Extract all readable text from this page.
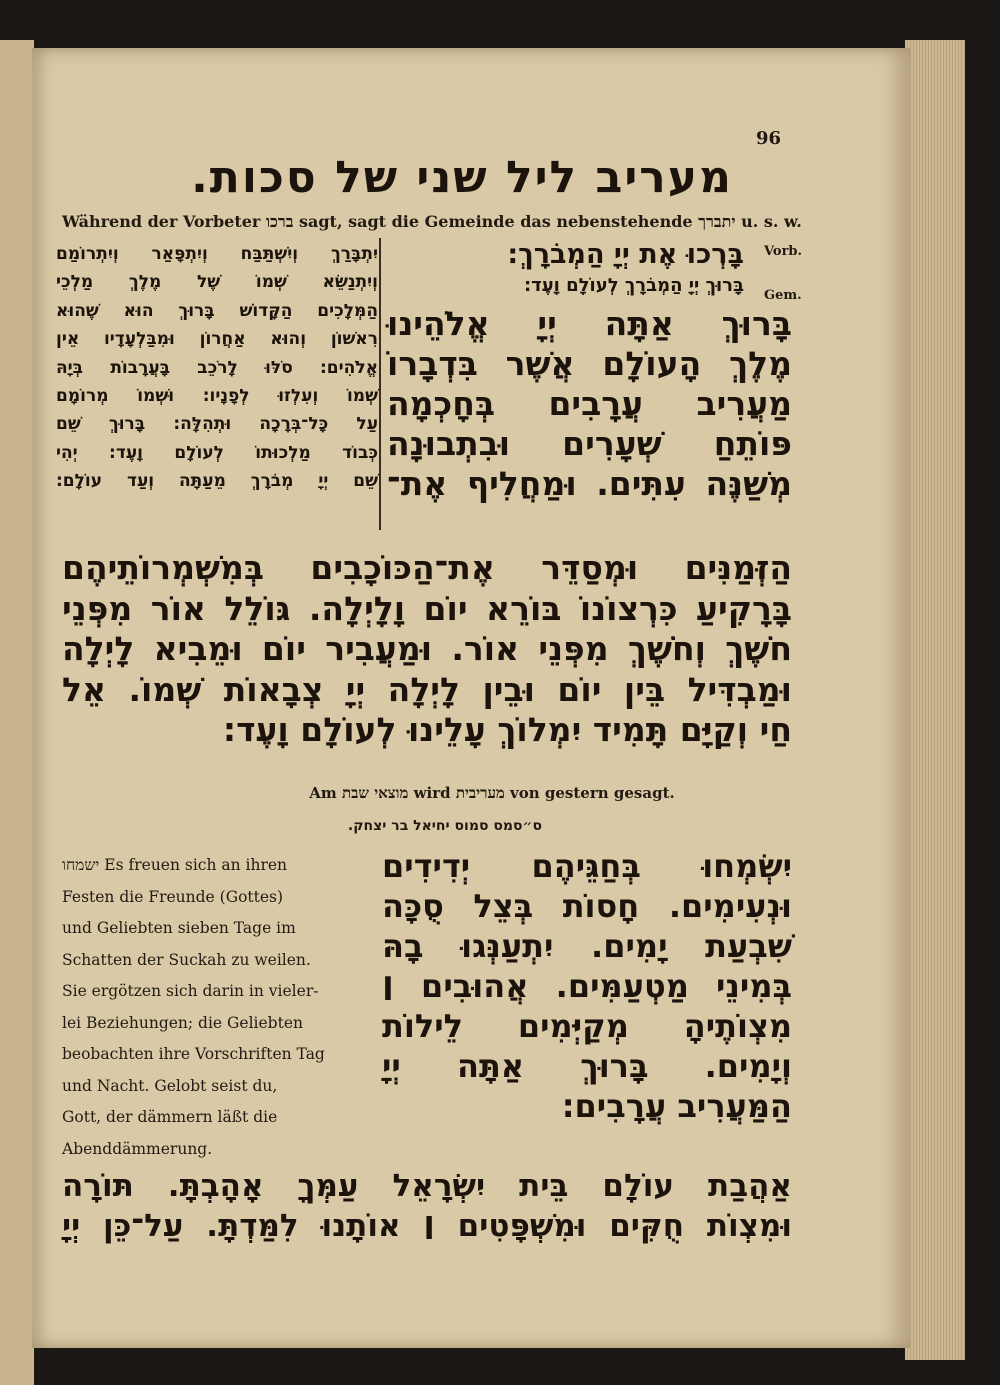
96
מעריב ליל שני של סכות.
Während der Vorbeter ברכו sagt, sagt die Gemeinde das nebenstehende יתברך u. s. w.
Vorb.
Gem.
בָּרְכוּ אֶת יְיָ הַמְבֹרָךְ:
בָּרוּךְ יְיָ הַמְבֹרָךְ לְעוֹלָם וָעֶד:
בָּרוּךְ אַתָּה יְיָ אֱלֹהֵינוּ
מֶלֶךְ הָעוֹלָם אֲשֶׁר בִּדְבָרוֹ
מַעֲרִיב עֲרָבִים בְּחָכְמָה
פּוֹתֵחַ שְׁעָרִים וּבִתְבוּנָה
מְשַׁנֶּה עִתִּים. וּמַחֲלִיף אֶת־
יִתְבָּרַךְ וְיִשְׁתַּבַּח וְיִתְפָּאַר וְיִתְרוֹמַם
וְיִתְנַשֵּׂא שְׁמוֹ שֶׁל מֶלֶךְ מַלְכֵי
הַמְּלָכִים הַקָּדוֹשׁ בָּרוּךְ הוּא שֶׁהוּא
רִאשׁוֹן וְהוּא אַחֲרוֹן וּמִבַּלְעָדָיו אֵין
אֱלֹהִים: סֹלּוּ לָרֹכֵב בָּעֲרָבוֹת בְּיָהּ
שְׁמוֹ וְעִלְזוּ לְפָנָיו: וּשְׁמוֹ מְרוֹמָם
עַל כָּל־בְּרָכָה וּתְהִלָּה: בָּרוּךְ שֵׁם
כְּבוֹד מַלְכוּתוֹ לְעוֹלָם וָעֶד: יְהִי
שֵׁם יְיָ מְבֹרָךְ מֵעַתָּה וְעַד עוֹלָם:
הַזְּמַנִּים וּמְסַדֵּר אֶת־הַכּוֹכָבִים בְּמִשְׁמְרוֹתֵיהֶם
בָּרָקִיעַ כִּרְצוֹנוֹ בּוֹרֵא יוֹם וָלָיְלָה. גּוֹלֵל אוֹר מִפְּנֵי
חֹשֶׁךְ וְחֹשֶׁךְ מִפְּנֵי אוֹר. וּמַעֲבִיר יוֹם וּמֵבִיא לָיְלָה
וּמַבְדִּיל בֵּין יוֹם וּבֵין לָיְלָה יְיָ צְבָאוֹת שְׁמוֹ. אֵל
חַי וְקַיָּם תָּמִיד יִמְלוֹךְ עָלֵינוּ לְעוֹלָם וָעֶד:
Am מוצאי שבת wird מעריבית von gestern gesagt.
ס״סמס סמוס יחיאל בר יצחק.
ישמחו Es freuen sich an ihren
Festen die Freunde (Gottes)
und Geliebten sieben Tage im
Schatten der Suckah zu weilen.
Sie ergötzen sich darin in vieler-
lei Beziehungen; die Geliebten
beobachten ihre Vorschriften Tag
und Nacht. Gelobt seist du,
Gott, der dämmern läßt die
Abenddämmerung.
יִשְׂמְחוּ בְּחַגֵּיהֶם יְדִידִים
וּנְעִימִים. חָסוֹת בְּצֵל סֻכָּה
שִׁבְעַת יָמִים. יִתְעַנְּגוּ בָהּ
בְּמִינֵי מַטְעַמִּים. אֲהוּבִים ׀
מִצְוֹתֶיהָ מְקַיְּמִים לֵילוֹת
וְיָמִים. בָּרוּךְ אַתָּה יְיָ
הַמַּעֲרִיב עֲרָבִים:
אַהֲבַת עוֹלָם בֵּית יִשְׂרָאֵל עַמְּךָ אָהָבְתָּ. תּוֹרָה
וּמִצְוֹת חֻקִּים וּמִשְׁפָּטִים ׀ אוֹתָנוּ לִמַּדְתָּ. עַל־כֵּן יְיָ
